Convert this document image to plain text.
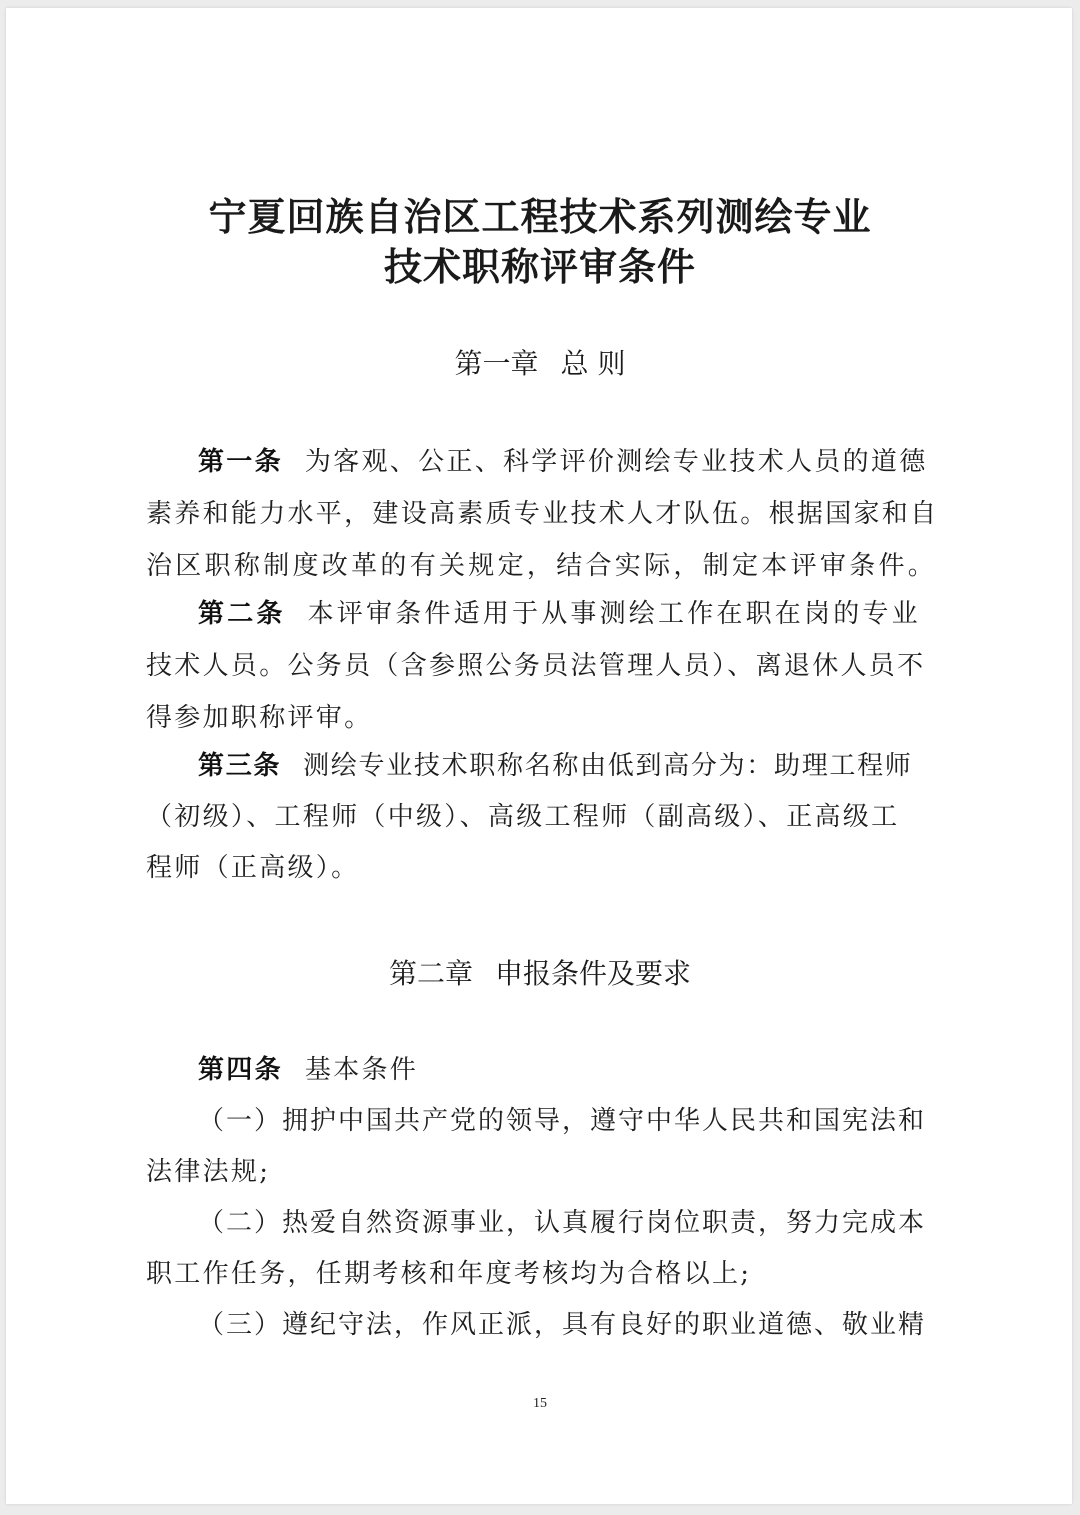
宁夏回族自治区工程技术系列测绘专业
技术职称评审条件
第一章 总 则
第一条 为客观、公正、科学评价测绘专业技术人员的道德
素养和能力水平，建设高素质专业技术人才队伍。根据国家和自
治区职称制度改革的有关规定，结合实际，制定本评审条件。
第二条 本评审条件适用于从事测绘工作在职在岗的专业
技术人员。公务员（含参照公务员法管理人员）、离退休人员不
得参加职称评审。
第三条 测绘专业技术职称名称由低到高分为：助理工程师
（初级）、工程师（中级）、高级工程师（副高级）、正高级工
程师（正高级）。
第二章 申报条件及要求
第四条 基本条件
（一）拥护中国共产党的领导，遵守中华人民共和国宪法和
法律法规;
（二）热爱自然资源事业，认真履行岗位职责，努力完成本
职工作任务，任期考核和年度考核均为合格以上;
（三）遵纪守法，作风正派，具有良好的职业道德、敬业精
15
